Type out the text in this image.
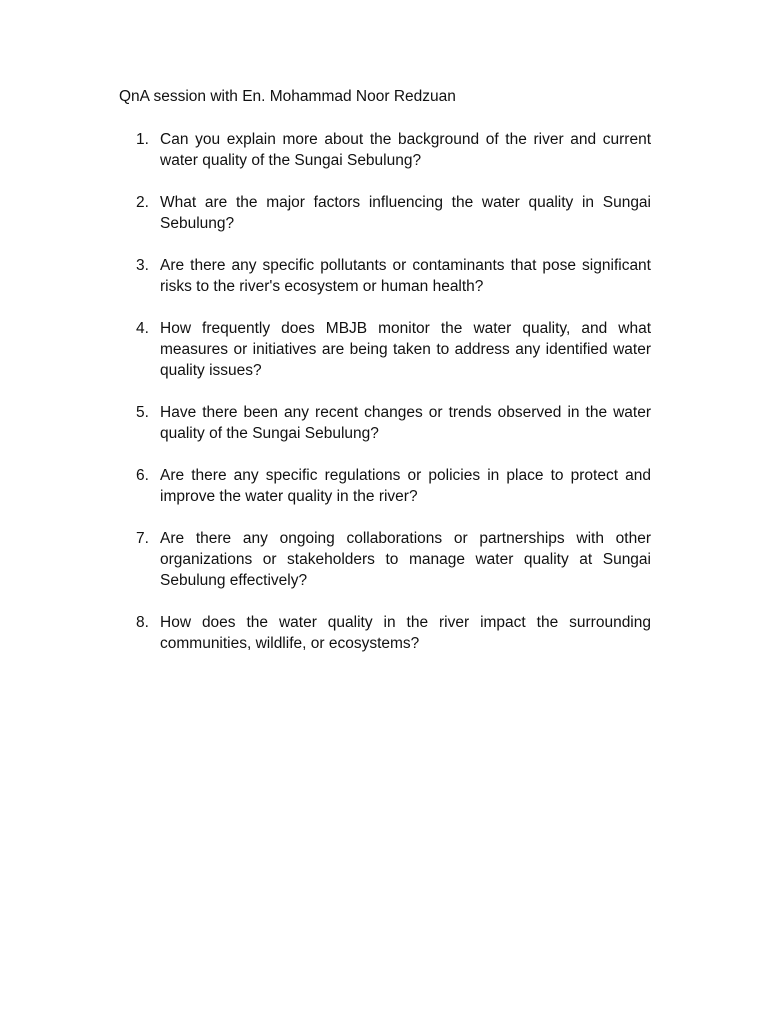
QnA session with En. Mohammad Noor Redzuan
1. Can you explain more about the background of the river and current water quality of the Sungai Sebulung?
2. What are the major factors influencing the water quality in Sungai Sebulung?
3. Are there any specific pollutants or contaminants that pose significant risks to the river's ecosystem or human health?
4. How frequently does MBJB monitor the water quality, and what measures or initiatives are being taken to address any identified water quality issues?
5. Have there been any recent changes or trends observed in the water quality of the Sungai Sebulung?
6. Are there any specific regulations or policies in place to protect and improve the water quality in the river?
7. Are there any ongoing collaborations or partnerships with other organizations or stakeholders to manage water quality at Sungai Sebulung effectively?
8. How does the water quality in the river impact the surrounding communities, wildlife, or ecosystems?
